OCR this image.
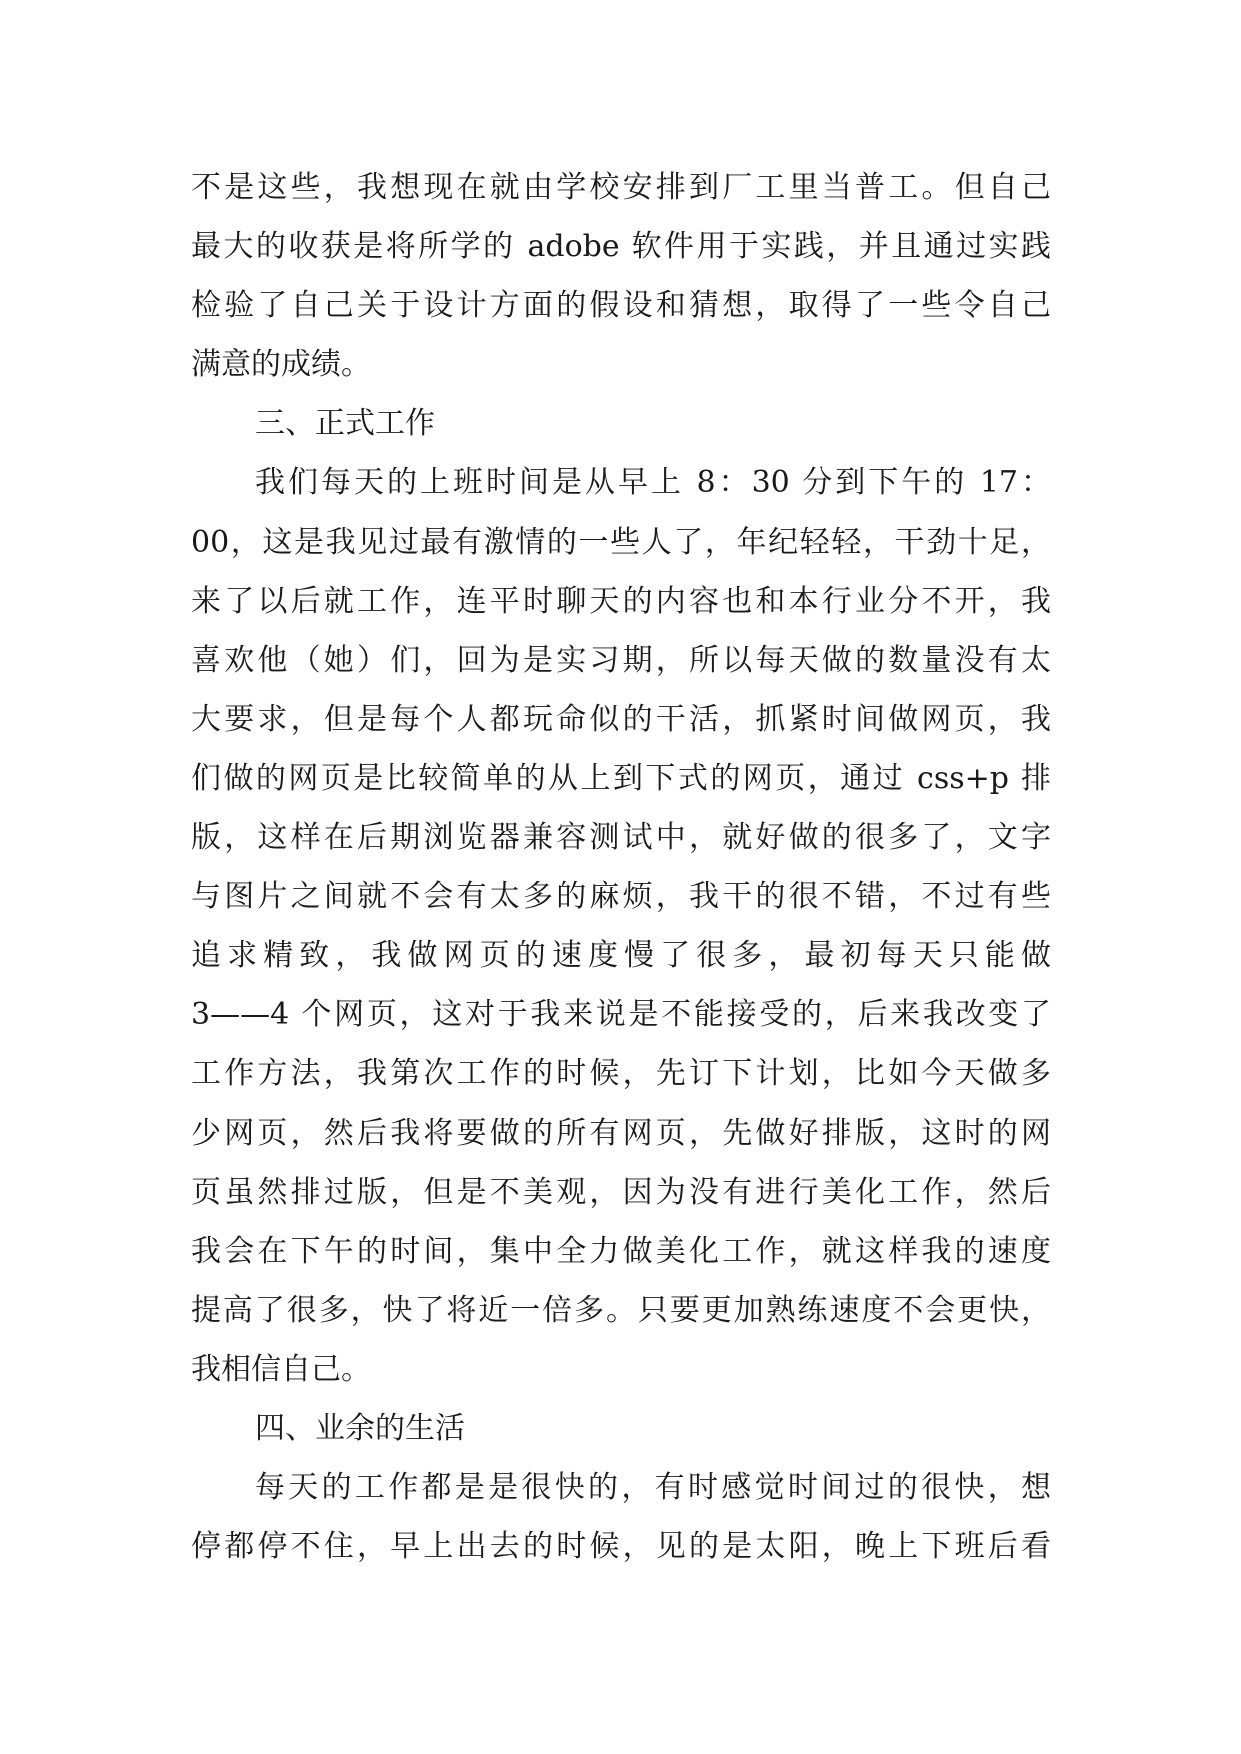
不是这些，我想现在就由学校安排到厂工里当普工。但自己
最大的收获是将所学的 adobe 软件用于实践，并且通过实践
检验了自己关于设计方面的假设和猜想，取得了一些令自己
满意的成绩。
三、正式工作
我们每天的上班时间是从早上 8：30 分到下午的 17：
00，这是我见过最有激情的一些人了，年纪轻轻，干劲十足，
来了以后就工作，连平时聊天的内容也和本行业分不开，我
喜欢他（她）们，回为是实习期，所以每天做的数量没有太
大要求，但是每个人都玩命似的干活，抓紧时间做网页，我
们做的网页是比较简单的从上到下式的网页，通过 css+p 排
版，这样在后期浏览器兼容测试中，就好做的很多了，文字
与图片之间就不会有太多的麻烦，我干的很不错，不过有些
追求精致，我做网页的速度慢了很多，最初每天只能做
3——4 个网页，这对于我来说是不能接受的，后来我改变了
工作方法，我第次工作的时候，先订下计划，比如今天做多
少网页，然后我将要做的所有网页，先做好排版，这时的网
页虽然排过版，但是不美观，因为没有进行美化工作，然后
我会在下午的时间，集中全力做美化工作，就这样我的速度
提高了很多，快了将近一倍多。只要更加熟练速度不会更快，
我相信自己。
四、业余的生活
每天的工作都是是很快的，有时感觉时间过的很快，想
停都停不住，早上出去的时候，见的是太阳，晚上下班后看
